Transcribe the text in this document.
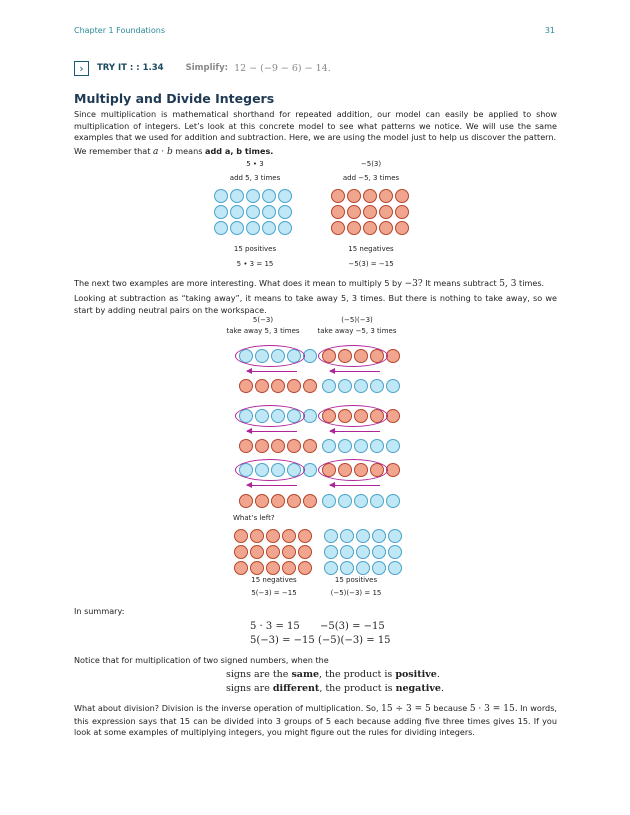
Chapter 1 Foundations	31
›	TRY IT : : 1.34	Simplify: 12 − (−9 − 6) − 14.
Multiply and Divide Integers

Since multiplication is mathematical shorthand for repeated addition, our model can easily be applied to show multiplication of integers. Let’s look at this concrete model to see what patterns we notice. We will use the same examples that we used for addition and subtraction. Here, we are using the model just to help us discover the pattern.

We remember that a · b means add a, b times.

5 • 3
add 5, 3 times
−5(3)
add −5, 3 times
15 positives
5 • 3 = 15
15 negatives
−5(3) = −15

The next two examples are more interesting. What does it mean to multiply 5 by −3? It means subtract 5, 3 times.

Looking at subtraction as “taking away”, it means to take away 5, 3 times. But there is nothing to take away, so we start by adding neutral pairs on the workspace.

5(−3)
take away 5, 3 times
(−5)(−3)
take away −5, 3 times
What’s left?
15 negatives
5(−3) = −15
15 positives
(−5)(−3) = 15

In summary:

5 · 3 = 15 −5(3) = −15
5(−3) = −15 (−5)(−3) = 15

Notice that for multiplication of two signed numbers, when the

signs are the same, the product is positive.
signs are different, the product is negative.

What about division? Division is the inverse operation of multiplication. So, 15 ÷ 3 = 5 because 5 · 3 = 15. In words, this expression says that 15 can be divided into 3 groups of 5 each because adding five three times gives 15. If you look at some examples of multiplying integers, you might figure out the rules for dividing integers.
